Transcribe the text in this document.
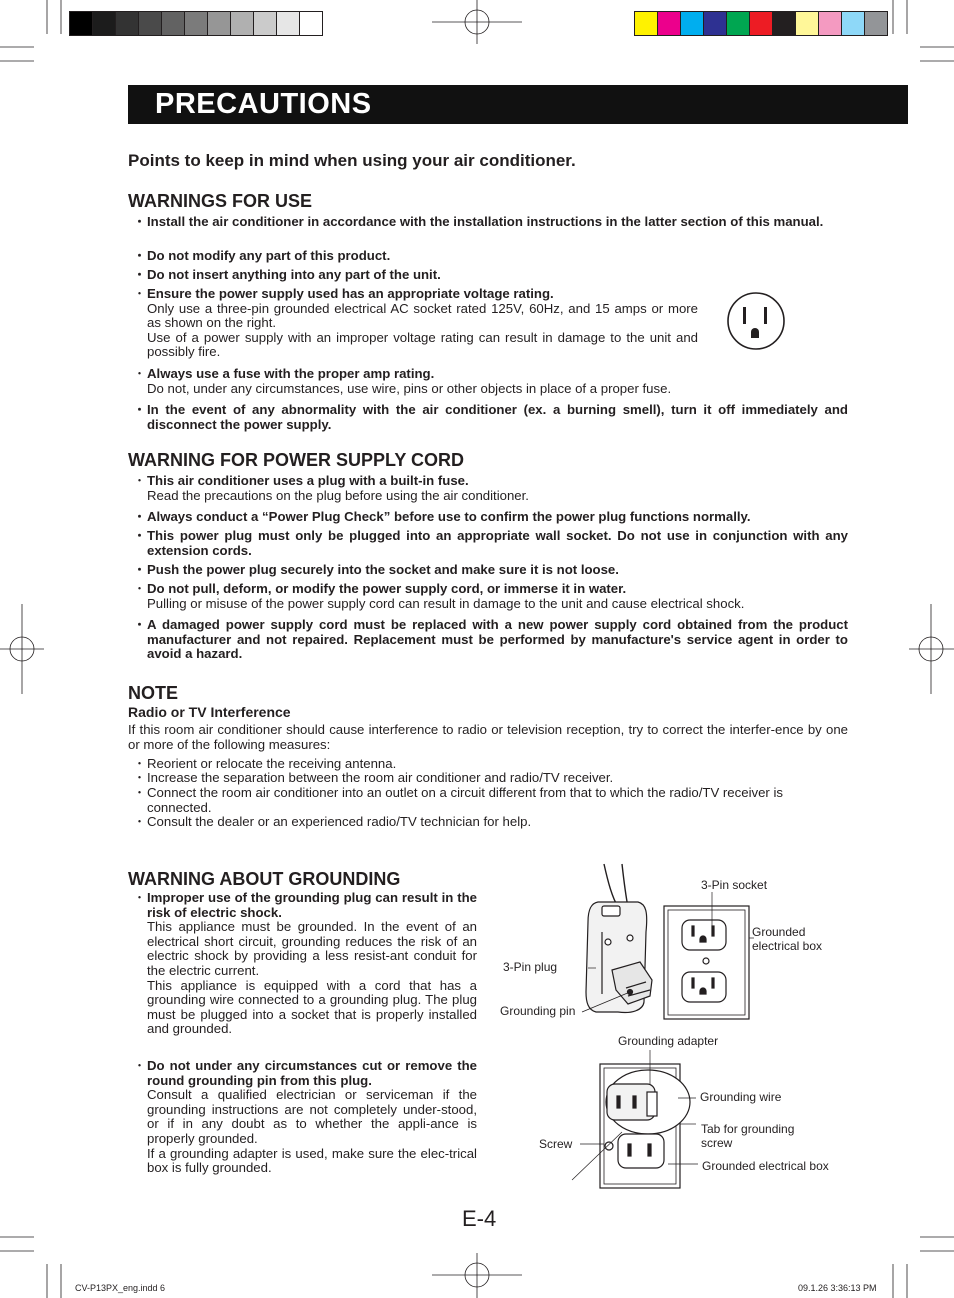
PRECAUTIONS
Points to keep in mind when using your air conditioner.
WARNINGS FOR USE
・ Install the air conditioner in accordance with the installation instructions in the latter section of this manual.
・ Do not modify any part of this product.
・ Do not insert anything into any part of the unit.
・ Ensure the power supply used has an appropriate voltage rating.
Only use a three-pin grounded electrical AC socket rated 125V, 60Hz, and 15 amps or more as shown on the right.
Use of a power supply with an improper voltage rating can result in damage to the unit and possibly fire.
・ Always use a fuse with the proper amp rating.
Do not, under any circumstances, use wire, pins or other objects in place of a proper fuse.
・ In the event of any abnormality with the air conditioner (ex. a burning smell), turn it off immediately and disconnect the power supply.
WARNING FOR POWER SUPPLY CORD
・ This air conditioner uses a plug with a built-in fuse.
Read the precautions on the plug before using the air conditioner.
・ Always conduct a “Power Plug Check” before use to confirm the power plug functions normally.
・ This power plug must only be plugged into an appropriate wall socket. Do not use in conjunction with any extension cords.
・ Push the power plug securely into the socket and make sure it is not loose.
・ Do not pull, deform, or modify the power supply cord, or immerse it in water.
Pulling or misuse of the power supply cord can result in damage to the unit and cause electrical shock.
・ A damaged power supply cord must be replaced with a new power supply cord obtained from the product manufacturer and not repaired. Replacement must be performed by manufacture's service agent in order to avoid a hazard.
NOTE
Radio or TV Interference
If this room air conditioner should cause interference to radio or television reception, try to correct the interfer-ence by one or more of the following measures:
・ Reorient or relocate the receiving antenna.
・ Increase the separation between the room air conditioner and radio/TV receiver.
・ Connect the room air conditioner into an outlet on a circuit different from that to which the radio/TV receiver is connected.
・ Consult the dealer or an experienced radio/TV technician for help.
WARNING ABOUT GROUNDING
・ Improper use of the grounding plug can result in the risk of electric shock.
This appliance must be grounded. In the event of an electrical short circuit, grounding reduces the risk of an electric shock by providing a less resist-ant conduit for the electric current.
This appliance is equipped with a cord that has a grounding wire connected to a grounding plug. The plug must be plugged into a socket that is properly installed and grounded.
・ Do not under any circumstances cut or remove the round grounding pin from this plug.
Consult a qualified electrician or serviceman if the grounding instructions are not completely under-stood, or if in any doubt as to whether the appli-ance is properly grounded.
If a grounding adapter is used, make sure the elec-trical box is fully grounded.
3-Pin socket
Grounded electrical box
3-Pin plug
Grounding pin
Grounding adapter
Grounding wire
Tab for grounding screw
Screw
Grounded electrical box
E-4
CV-P13PX_eng.indd 6	09.1.26 3:36:13 PM
